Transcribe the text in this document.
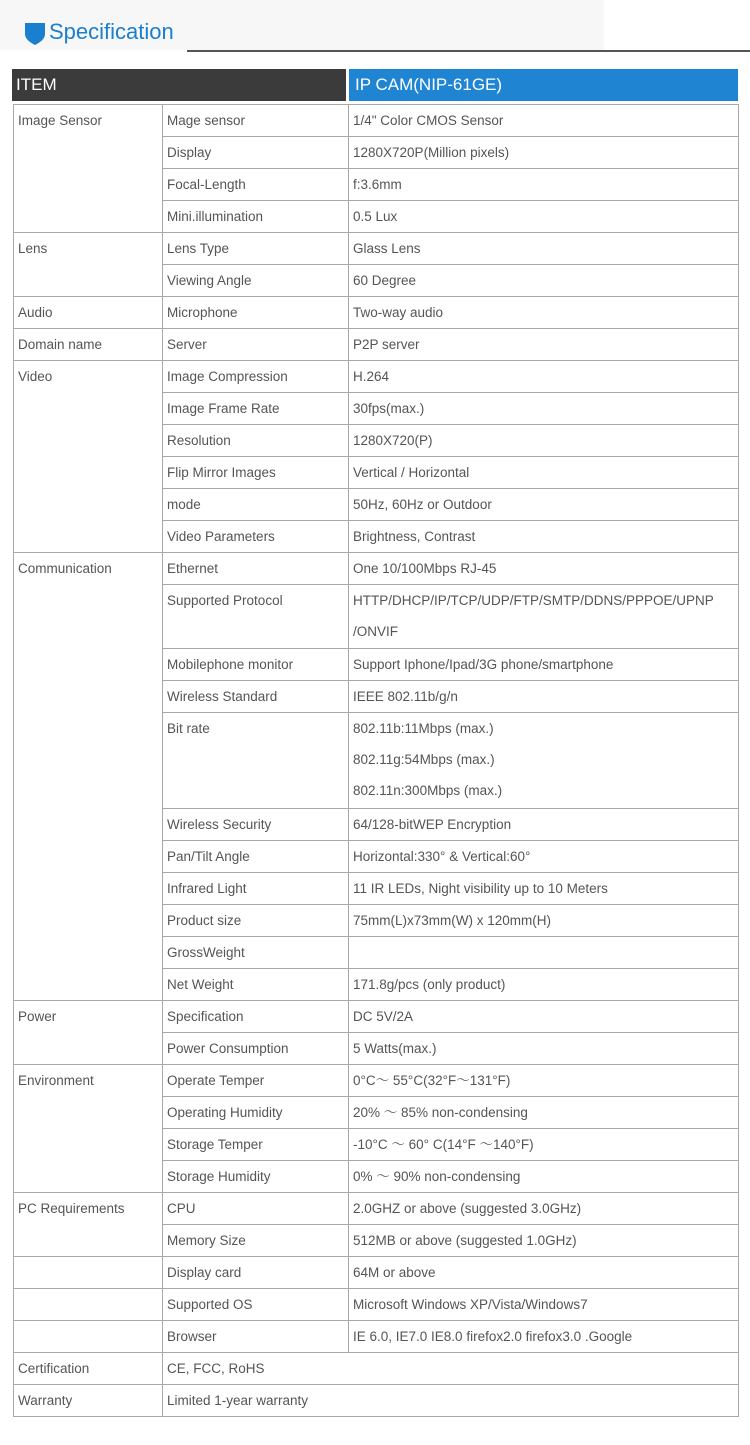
Specification
ITEM	IP CAM(NIP-61GE)
Image Sensor	Mage sensor	1/4" Color CMOS Sensor
	Display	1280X720P(Million pixels)
	Focal-Length	f:3.6mm
	Mini.illumination	0.5 Lux
Lens	Lens Type	Glass Lens
	Viewing Angle	60 Degree
Audio	Microphone	Two-way audio
Domain name	Server	P2P server
Video	Image Compression	H.264
	Image Frame Rate	30fps(max.)
	Resolution	1280X720(P)
	Flip Mirror Images	Vertical / Horizontal
	mode	50Hz, 60Hz or Outdoor
	Video Parameters	Brightness, Contrast
Communication	Ethernet	One 10/100Mbps RJ-45
	Supported Protocol	HTTP/DHCP/IP/TCP/UDP/FTP/SMTP/DDNS/PPPOE/UPNP
/ONVIF

	Mobilephone monitor	Support Iphone/Ipad/3G phone/smartphone
	Wireless Standard	IEEE 802.11b/g/n
	Bit rate	802.11b:11Mbps (max.)
802.11g:54Mbps (max.)
802.11n:300Mbps (max.)

	Wireless Security	64/128-bitWEP Encryption
	Pan/Tilt Angle	Horizontal:330° & Vertical:60°
	Infrared Light	11 IR LEDs, Night visibility up to 10 Meters
	Product size	75mm(L)x73mm(W) x 120mm(H)
	GrossWeight	
	Net Weight	171.8g/pcs (only product)
Power	Specification	DC 5V/2A
	Power Consumption	5 Watts(max.)
Environment	Operate Temper	0°C～ 55°C(32°F～131°F)
	Operating Humidity	20% ～ 85% non-condensing
	Storage Temper	-10°C ～ 60° C(14°F ～140°F)
	Storage Humidity	0% ～ 90% non-condensing
PC Requirements	CPU	2.0GHZ or above (suggested 3.0GHz)
	Memory Size	512MB or above (suggested 1.0GHz)
	Display card	64M or above
	Supported OS	Microsoft Windows XP/Vista/Windows7
	Browser	IE 6.0, IE7.0 IE8.0 firefox2.0 firefox3.0 .Google
Certification	CE, FCC, RoHS	
Warranty	Limited 1-year warranty	
